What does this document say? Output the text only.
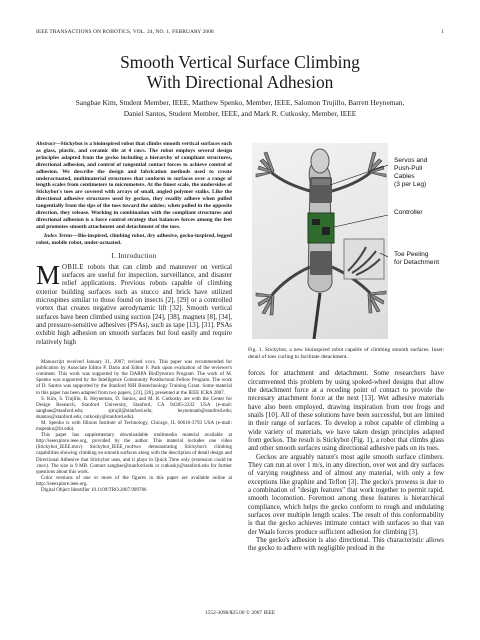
IEEE TRANSACTIONS ON ROBOTICS, VOL. 24, NO. 1, FEBRUARY 2008	1
Smooth Vertical Surface Climbing
With Directional Adhesion
Sangbae Kim, Student Member, IEEE, Matthew Spenko, Member, IEEE, Salomon Trujillo, Barrett Heyneman,
Daniel Santos, Student Member, IEEE, and Mark R. Cutkosky, Member, IEEE

Abstract—Stickybot is a bioinspired robot that climbs smooth vertical surfaces such as glass, plastic, and ceramic tile at 4 cm/s. The robot employs several design principles adapted from the gecko including a hierarchy of compliant structures, directional adhesion, and control of tangential contact forces to achieve control of adhesion. We describe the design and fabrication methods used to create underactuated, multimaterial structures that conform to surfaces over a range of length scales from centimeters to micrometers. At the finest scale, the undersides of Stickybot's toes are covered with arrays of small, angled polymer stalks. Like the directional adhesive structures used by geckos, they readily adhere when pulled tangentially from the tips of the toes toward the ankles; when pulled in the opposite direction, they release. Working in combination with the compliant structures and directional adhesion is a force control strategy that balances forces among the feet and promotes smooth attachment and detachment of the toes.

Index Terms—Bio-inspired, climbing robot, dry adhesive, gecko-inspired, legged robot, mobile robot, under-actuated.

I. Introduction

MOBILE robots that can climb and maneuver on vertical surfaces are useful for inspection, surveillance, and disaster relief applications. Previous robots capable of climbing exterior building surfaces such as stucco and brick have utilized microspines similar to those found on insects [2], [29] or a controlled vortex that creates negative aerodynamic lift [32]. Smooth vertical surfaces have been climbed using suction [24], [38], magnets [8], [34], and pressure-sensitive adhesives (PSAs), such as tape [13], [31]. PSAs exhibit high adhesion on smooth surfaces but foul easily and require relatively high

Manuscript received January 31, 2007; revised xxxx. This paper was recommended for publication by Associate Editor P. Dario and Editor F. Park upon evaluation of the reviewer's comment. This work was supported by the DARPA BioDynotics Program. The work of M. Spenko was supported by the Intelligence Community Postdoctoral Fellow Program. The work of D. Santos was supported by the Stanford NIH Biotechnology Training Grant. Some material in this paper has been adapted from two papers, [23], [28], presented at the IEEE ICRA 2007.

S. Kim, S. Trujillo, B. Heyneman, D. Santos, and M. R. Cutkosky are with the Center for Design Research, Stanford University, Stanford, CA 94305-2232 USA (e-mail: sangbae@stanford.edu; sjtrujil@stanford.edu; heynemanb@stanford.edu; dsantos@stanford.edu; cutkosky@stanford.edu).

M. Spenko is with Illinois Institute of Technology, Chicago, IL 60616-3793 USA (e-mail: mspenko@iit.edu).

This paper has supplementary downloadable multimedia material available at http://ieeexplore.ieee.org, provided by the author. This material includes one video (Stickybot_IEEE.mov) Stickybot_IEEE_rooftwo demonstrating Stickybot's climbing capabilities showing climbing on smooth surfaces along with the description of detail design and Directional Adhesive that Stickybot uses, and it plays in Quick Time only (extension could be .mov). The size is 9 MB. Contact sangbae@stanford.edu or cutkosky@stanford.edu for further questions about this work.

Color versions of one or more of the figures in this paper are available online at http://ieeexplore.ieee.org.

Digital Object Identifier 10.1109/TRO.2007.909786

Servos and
Push-Pull Cables
(3 per Leg)
Controller
Toe Peeling
for Detachment

Fig. 1. Stickybot, a new bioinspired robot capable of climbing smooth surfaces. Inset: detail of toes curling to facilitate detachment.

forces for attachment and detachment. Some researchers have circumvented this problem by using spoked-wheel designs that allow the detachment force at a receding point of contact to provide the necessary attachment force at the next [13]. Wet adhesive materials have also been employed, drawing inspiration from tree frogs and snails [10]. All of these solutions have been successful, but are limited in their range of surfaces. To develop a robot capable of climbing a wide variety of materials, we have taken design principles adapted from geckos. The result is Stickybot (Fig. 1), a robot that climbs glass and other smooth surfaces using directional adhesive pads on its toes.

Geckos are arguably nature's most agile smooth surface climbers. They can run at over 1 m/s, in any direction, over wet and dry surfaces of varying roughness and of almost any material, with only a few exceptions like graphite and Teflon [3]. The gecko's prowess is due to a combination of "design features" that work together to permit rapid, smooth locomotion. Foremost among these features is hierarchical compliance, which helps the gecko conform to rough and undulating surfaces over multiple length scales. The result of this conformability is that the gecko achieves intimate contact with surfaces so that van der Waals forces produce sufficient adhesion for climbing [3].

The gecko's adhesion is also directional. This characteristic allows the gecko to adhere with negligible preload in the

1552-3098/$25.00 © 2007 IEEE
